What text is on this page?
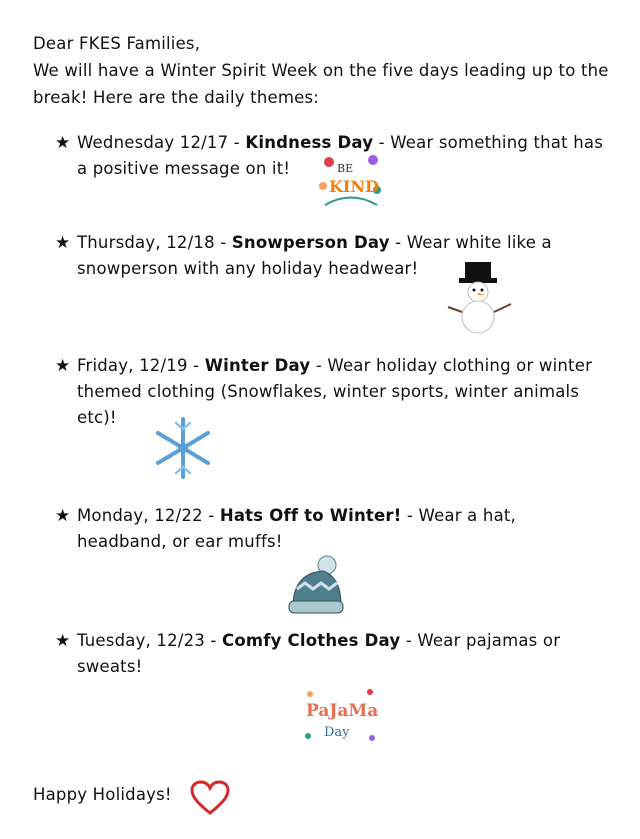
Dear FKES Families,
We will have a Winter Spirit Week on the five days leading up to the break! Here are the daily themes:
★ Wednesday 12/17 - Kindness Day - Wear something that has a positive message on it!	BE
KIND
★ Thursday, 12/18 - Snowperson Day - Wear white like a snowperson with any holiday headwear!
★ Friday, 12/19 - Winter Day - Wear holiday clothing or winter themed clothing (Snowflakes, winter sports, winter animals etc)!
★ Monday, 12/22 - Hats Off to Winter! - Wear a hat, headband, or ear muffs!
★ Tuesday, 12/23 - Comfy Clothes Day - Wear pajamas or sweats!
PaJaMa
Day
Happy Holidays!
